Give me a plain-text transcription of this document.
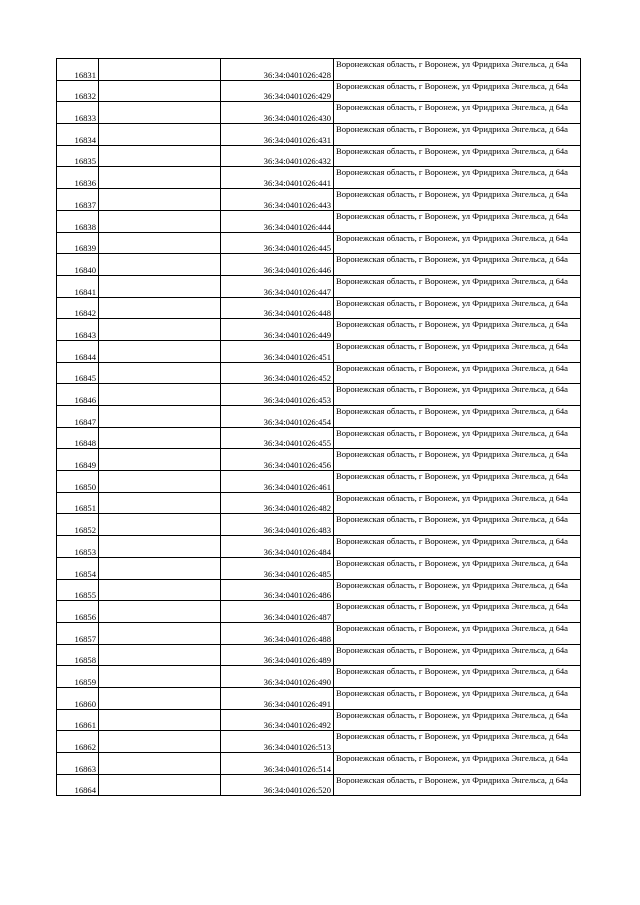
16831		36:34:0401026:428	Воронежская область, г Воронеж, ул Фридриха Энгельса, д 64а
16832		36:34:0401026:429	Воронежская область, г Воронеж, ул Фридриха Энгельса, д 64а
16833		36:34:0401026:430	Воронежская область, г Воронеж, ул Фридриха Энгельса, д 64а
16834		36:34:0401026:431	Воронежская область, г Воронеж, ул Фридриха Энгельса, д 64а
16835		36:34:0401026:432	Воронежская область, г Воронеж, ул Фридриха Энгельса, д 64а
16836		36:34:0401026:441	Воронежская область, г Воронеж, ул Фридриха Энгельса, д 64а
16837		36:34:0401026:443	Воронежская область, г Воронеж, ул Фридриха Энгельса, д 64а
16838		36:34:0401026:444	Воронежская область, г Воронеж, ул Фридриха Энгельса, д 64а
16839		36:34:0401026:445	Воронежская область, г Воронеж, ул Фридриха Энгельса, д 64а
16840		36:34:0401026:446	Воронежская область, г Воронеж, ул Фридриха Энгельса, д 64а
16841		36:34:0401026:447	Воронежская область, г Воронеж, ул Фридриха Энгельса, д 64а
16842		36:34:0401026:448	Воронежская область, г Воронеж, ул Фридриха Энгельса, д 64а
16843		36:34:0401026:449	Воронежская область, г Воронеж, ул Фридриха Энгельса, д 64а
16844		36:34:0401026:451	Воронежская область, г Воронеж, ул Фридриха Энгельса, д 64а
16845		36:34:0401026:452	Воронежская область, г Воронеж, ул Фридриха Энгельса, д 64а
16846		36:34:0401026:453	Воронежская область, г Воронеж, ул Фридриха Энгельса, д 64а
16847		36:34:0401026:454	Воронежская область, г Воронеж, ул Фридриха Энгельса, д 64а
16848		36:34:0401026:455	Воронежская область, г Воронеж, ул Фридриха Энгельса, д 64а
16849		36:34:0401026:456	Воронежская область, г Воронеж, ул Фридриха Энгельса, д 64а
16850		36:34:0401026:461	Воронежская область, г Воронеж, ул Фридриха Энгельса, д 64а
16851		36:34:0401026:482	Воронежская область, г Воронеж, ул Фридриха Энгельса, д 64а
16852		36:34:0401026:483	Воронежская область, г Воронеж, ул Фридриха Энгельса, д 64а
16853		36:34:0401026:484	Воронежская область, г Воронеж, ул Фридриха Энгельса, д 64а
16854		36:34:0401026:485	Воронежская область, г Воронеж, ул Фридриха Энгельса, д 64а
16855		36:34:0401026:486	Воронежская область, г Воронеж, ул Фридриха Энгельса, д 64а
16856		36:34:0401026:487	Воронежская область, г Воронеж, ул Фридриха Энгельса, д 64а
16857		36:34:0401026:488	Воронежская область, г Воронеж, ул Фридриха Энгельса, д 64а
16858		36:34:0401026:489	Воронежская область, г Воронеж, ул Фридриха Энгельса, д 64а
16859		36:34:0401026:490	Воронежская область, г Воронеж, ул Фридриха Энгельса, д 64а
16860		36:34:0401026:491	Воронежская область, г Воронеж, ул Фридриха Энгельса, д 64а
16861		36:34:0401026:492	Воронежская область, г Воронеж, ул Фридриха Энгельса, д 64а
16862		36:34:0401026:513	Воронежская область, г Воронеж, ул Фридриха Энгельса, д 64а
16863		36:34:0401026:514	Воронежская область, г Воронеж, ул Фридриха Энгельса, д 64а
16864		36:34:0401026:520	Воронежская область, г Воронеж, ул Фридриха Энгельса, д 64а
